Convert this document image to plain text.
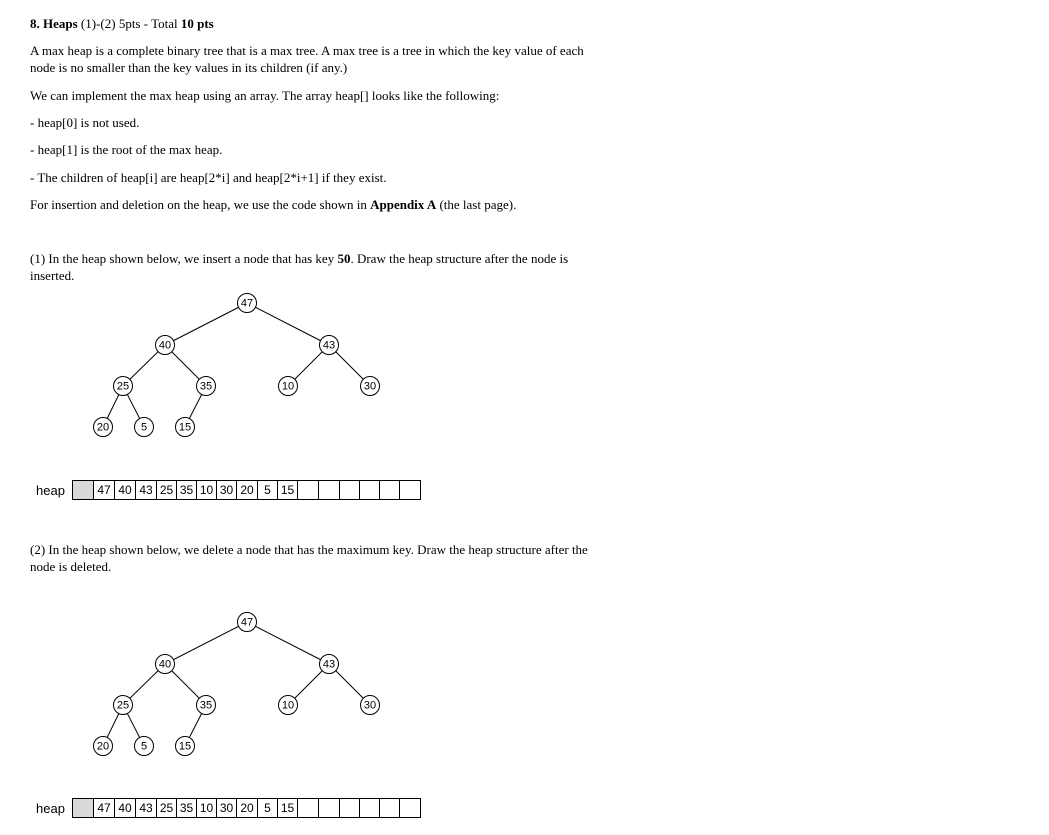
8. Heaps (1)-(2) 5pts - Total 10 pts
A max heap is a complete binary tree that is a max tree. A max tree is a tree in which the key value of each node is no smaller than the key values in its children (if any.)
We can implement the max heap using an array. The array heap[] looks like the following:
- heap[0] is not used.
- heap[1] is the root of the max heap.
- The children of heap[i] are heap[2*i] and heap[2*i+1] if they exist.
For insertion and deletion on the heap, we use the code shown in Appendix A (the last page).
(1) In the heap shown below, we insert a node that has key 50. Draw the heap structure after the node is inserted.
47
40	43
25	35	10	30
20	5	15
heap	47 40 43 25 35 10 30 20 5 15
(2) In the heap shown below, we delete a node that has the maximum key. Draw the heap structure after the node is deleted.
47
40	43
25	35	10	30
20	5	15
heap	47 40 43 25 35 10 30 20 5 15
